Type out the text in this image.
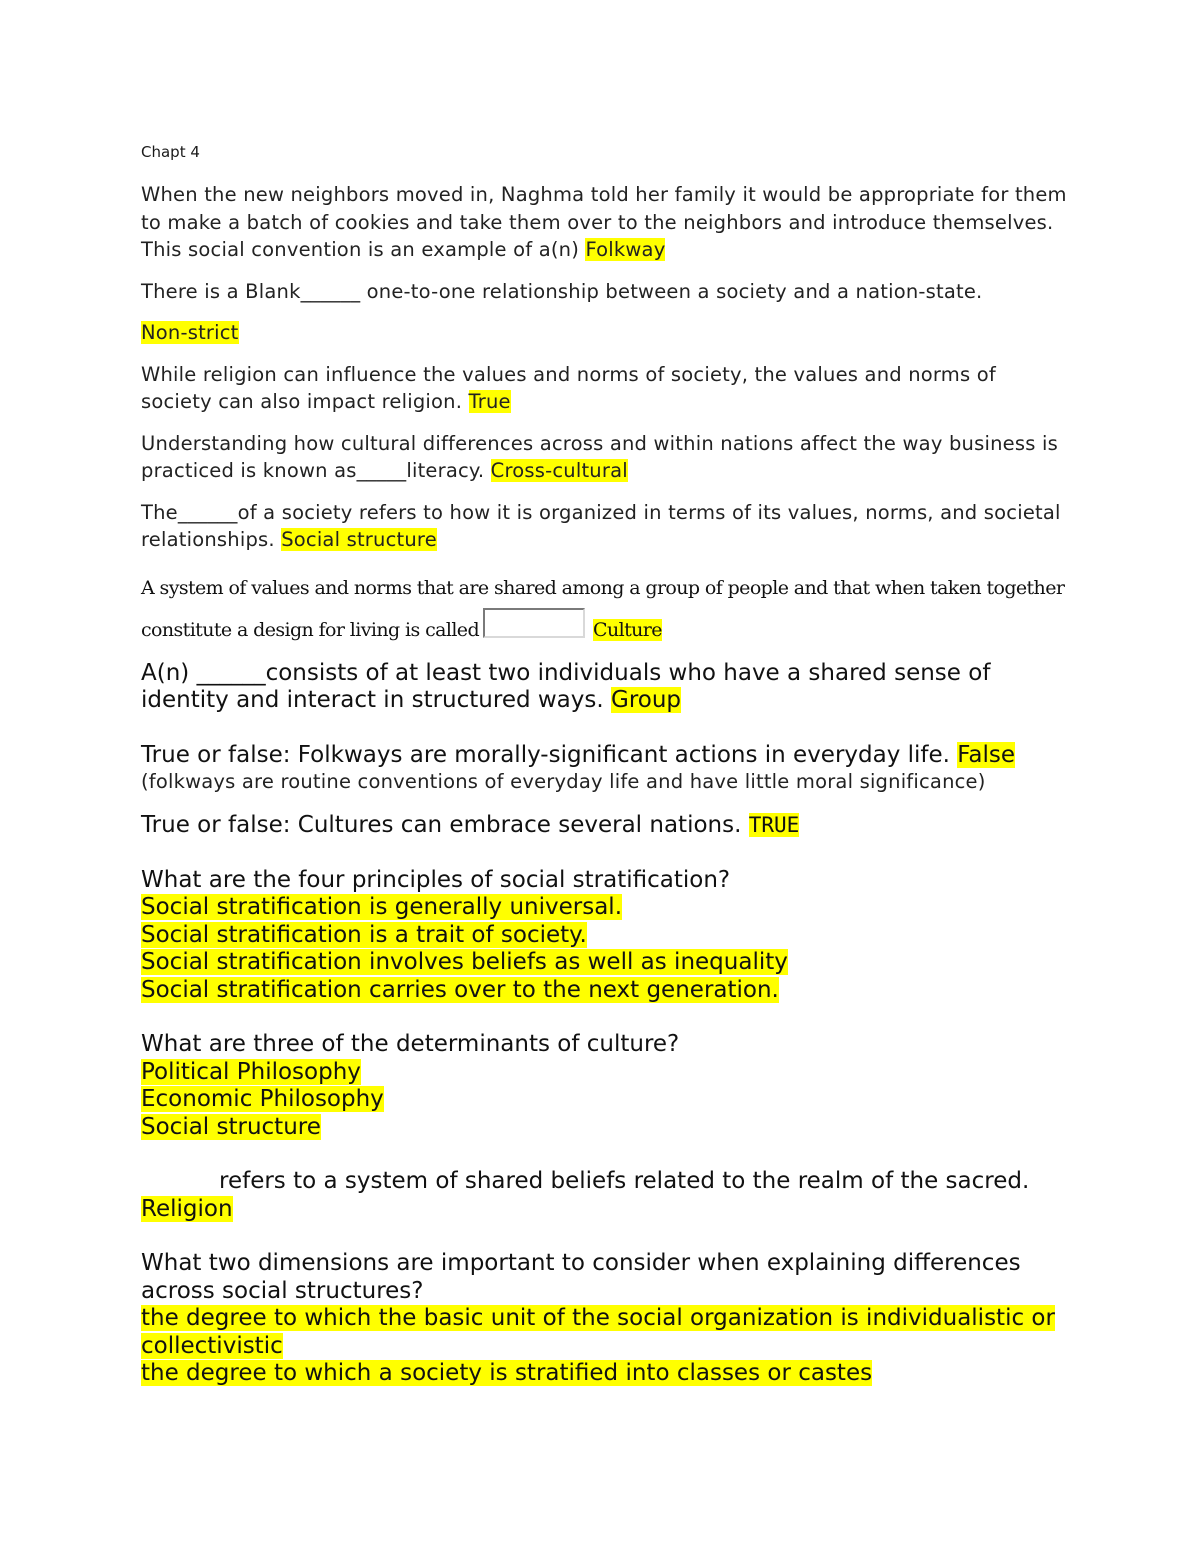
Chapt 4

When the new neighbors moved in, Naghma told her family it would be appropriate for them to make a batch of cookies and take them over to the neighbors and introduce themselves. This social convention is an example of a(n) Folkway

There is a Blank______ one-to-one relationship between a society and a nation-state.

Non-strict

While religion can influence the values and norms of society, the values and norms of society can also impact religion. True

Understanding how cultural differences across and within nations affect the way business is practiced is known as_____literacy. Cross-cultural

The______of a society refers to how it is organized in terms of its values, norms, and societal relationships. Social structure

A system of values and norms that are shared among a group of people and that when taken together constitute a design for living is called	Culture

A(n) ______consists of at least two individuals who have a shared sense of identity and interact in structured ways. Group

True or false: Folkways are morally-significant actions in everyday life. False
(folkways are routine conventions of everyday life and have little moral significance)

True or false: Cultures can embrace several nations. TRUE

What are the four principles of social stratification?
Social stratification is generally universal.
Social stratification is a trait of society.
Social stratification involves beliefs as well as inequality
Social stratification carries over to the next generation.
What are three of the determinants of culture?
Political Philosophy
Economic Philosophy
Social structure
refers to a system of shared beliefs related to the realm of the sacred.
Religion
What two dimensions are important to consider when explaining differences across social structures?
the degree to which the basic unit of the social organization is individualistic or collectivistic
the degree to which a society is stratified into classes or castes
